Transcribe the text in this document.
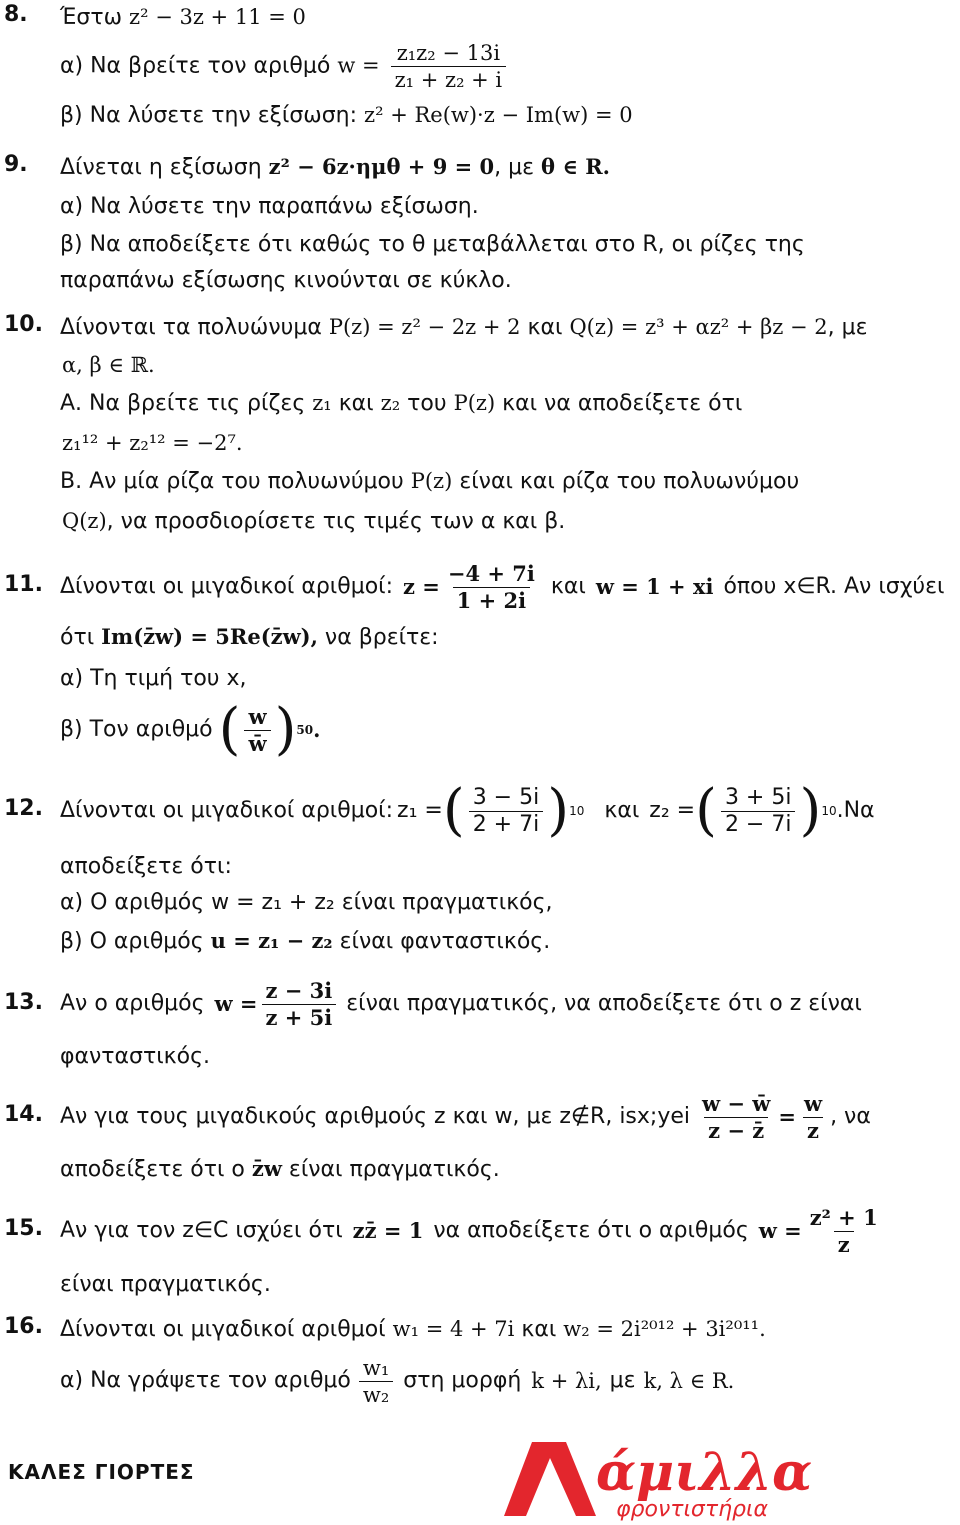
8. Έστω z² − 3z + 11 = 0
α) Να βρείτε τον αριθμό $w = \frac{\text{z₁z₂ − 13i}}{\text{z₁ + z₂ + i}}$
β) Να λύσετε την εξίσωση: z² + Re(w)·z − Im(w) = 0
9. Δίνεται η εξίσωση z² − 6z·ημθ + 9 = 0, με θ ∈ R.
α) Να λύσετε την παραπάνω εξίσωση.
β) Να αποδείξετε ότι καθώς το θ μεταβάλλεται στο R, οι ρίζες της
παραπάνω εξίσωσης κινούνται σε κύκλο.
10. Δίνονται τα πολυώνυμα P(z) = z² − 2z + 2 και Q(z) = z³ + αz² + βz − 2, με
α, β ∈ ℝ.
Α. Να βρείτε τις ρίζες z₁ και z₂ του P(z) και να αποδείξετε ότι
z₁¹² + z₂¹² = −2⁷.
Β. Αν μία ρίζα του πολυωνύμου P(z) είναι και ρίζα του πολυωνύμου
Q(z), να προσδιορίσετε τις τιμές των α και β.
11. Δίνονται οι μιγαδικοί αριθμοί: $z = \frac{-4 + 7i}{1 + 2i}$ και w = 1 + xi όπου x∈R. Αν ισχύει
ότι Im(z̄w) = 5Re(z̄w), να βρείτε:
α) Τη τιμή του x,
β) Τον αριθμό ( $\frac{w}{w̄}$ ) 50 .
12. Δίνονται οι μιγαδικοί αριθμοί: z₁ = ( $\frac{3 - 5i}{2 + 7i}$ ) 10 και z₂ = ( $\frac{3 + 5i}{2 - 7i}$ ) 10 .Να
αποδείξετε ότι:
α) Ο αριθμός w = z₁ + z₂ είναι πραγματικός,
β) Ο αριθμός u = z₁ − z₂ είναι φανταστικός.
13. Αν ο αριθμός $w = \frac{z - 3i}{z + 5i}$ είναι πραγματικός, να αποδείξετε ότι ο z είναι
φανταστικός.
14. Αν για τους μιγαδικούς αριθμούς z και w, με z∉R, isx;yei $\frac{w - w̄}{z - z̄} = \frac{w}{z}$ , να
αποδείξετε ότι ο z̄w είναι πραγματικός.
15. Αν για τον z∈C ισχύει ότι zz̄ = 1 να αποδείξετε ότι ο αριθμός $w = \frac{\text{z² + 1}}{z}$
είναι πραγματικός.
16. Δίνονται οι μιγαδικοί αριθμοί w₁ = 4 + 7i και w₂ = 2i²⁰¹² + 3i²⁰¹¹.
α) Να γράψετε τον αριθμό $\frac{\text{w₁}}{\text{w₂}}$ στη μορφή k + λi, με k, λ ∈ R.
ΚΑΛΕΣ ΓΙΟΡΤΕΣ	άμιλλα
φροντιστήρια
